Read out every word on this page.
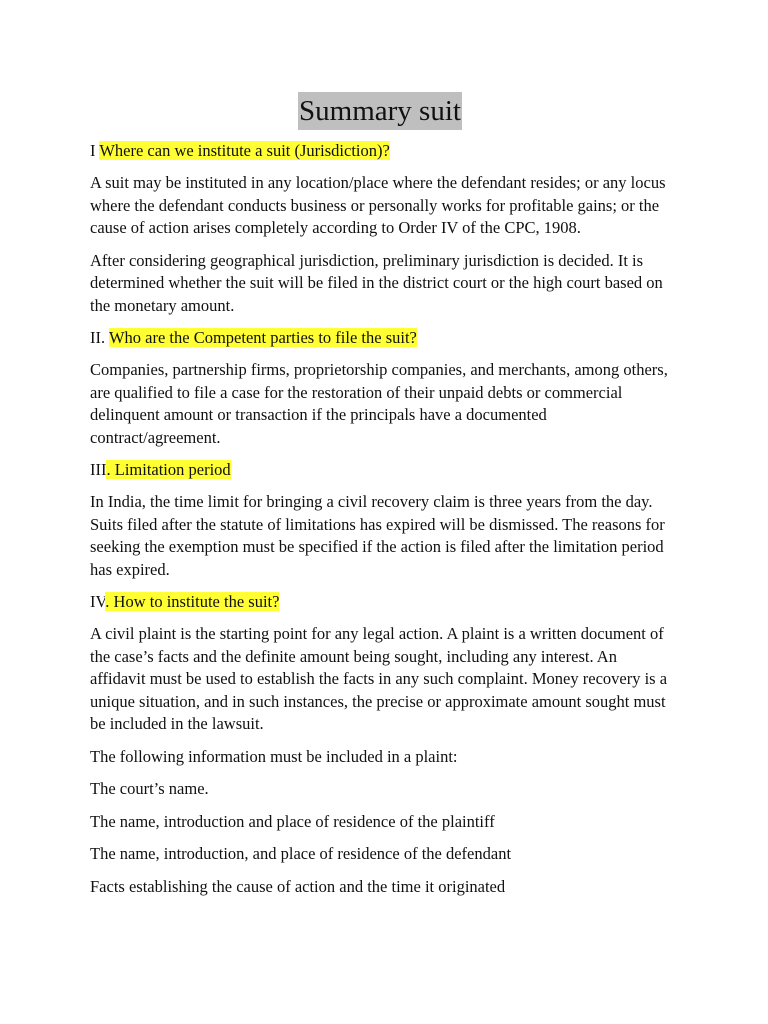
Summary suit

I Where can we institute a suit (Jurisdiction)?

A suit may be instituted in any location/place where the defendant resides; or any locus where the defendant conducts business or personally works for profitable gains; or the cause of action arises completely according to Order IV of the CPC, 1908.

After considering geographical jurisdiction, preliminary jurisdiction is decided. It is determined whether the suit will be filed in the district court or the high court based on the monetary amount.

II. Who are the Competent parties to file the suit?

Companies, partnership firms, proprietorship companies, and merchants, among others, are qualified to file a case for the restoration of their unpaid debts or commercial delinquent amount or transaction if the principals have a documented contract/agreement.

III. Limitation period

In India, the time limit for bringing a civil recovery claim is three years from the day. Suits filed after the statute of limitations has expired will be dismissed. The reasons for seeking the exemption must be specified if the action is filed after the limitation period has expired.

IV. How to institute the suit?

A civil plaint is the starting point for any legal action. A plaint is a written document of the case’s facts and the definite amount being sought, including any interest. An affidavit must be used to establish the facts in any such complaint. Money recovery is a unique situation, and in such instances, the precise or approximate amount sought must be included in the lawsuit.

The following information must be included in a plaint:

The court’s name.

The name, introduction and place of residence of the plaintiff

The name, introduction, and place of residence of the defendant

Facts establishing the cause of action and the time it originated
